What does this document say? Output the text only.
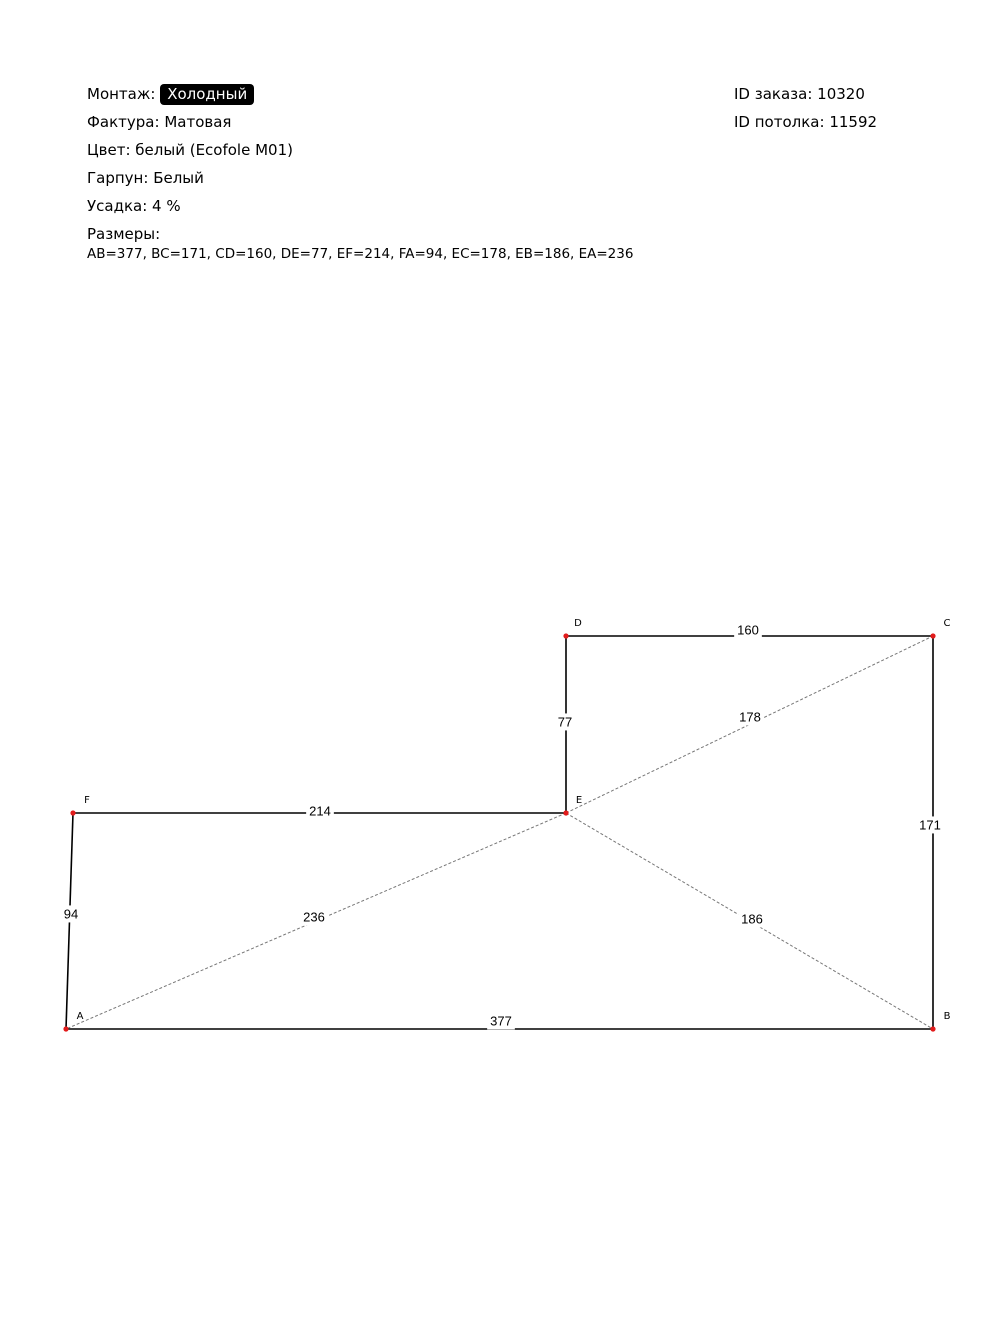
Монтаж: Холодный
Фактура: Матовая
Цвет: белый (Ecofole M01)
Гарпун: Белый
Усадка: 4 %
Размеры:
AB=377, BC=171, CD=160, DE=77, EF=214, FA=94, EC=178, EB=186, EA=236
ID заказа: 10320
ID потолка: 11592
377
171
160
77
214
94
178
186
236
A	B
C
D
E
F
